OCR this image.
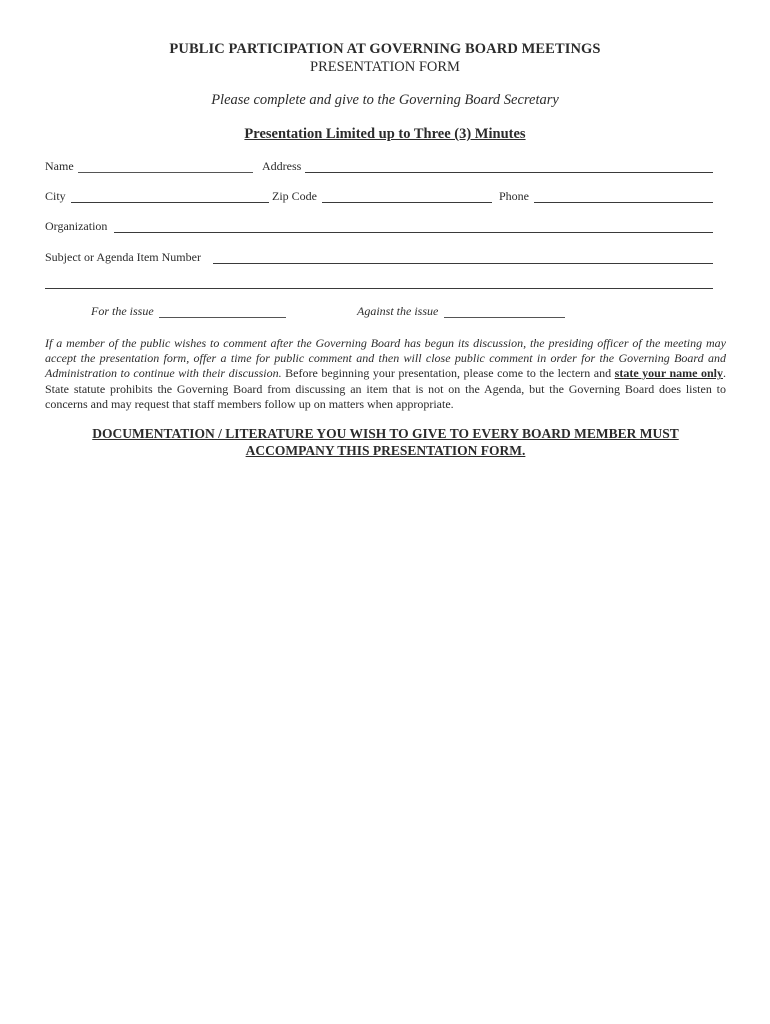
PUBLIC PARTICIPATION AT GOVERNING BOARD MEETINGS
PRESENTATION FORM
Please complete and give to the Governing Board Secretary
Presentation Limited up to Three (3) Minutes
Name	Address
City	Zip Code	Phone
Organization
Subject or Agenda Item Number
For the issue	Against the issue
If a member of the public wishes to comment after the Governing Board has begun its discussion, the presiding officer of the meeting may accept the presentation form, offer a time for public comment and then will close public comment in order for the Governing Board and Administration to continue with their discussion. Before beginning your presentation, please come to the lectern and state your name only. State statute prohibits the Governing Board from discussing an item that is not on the Agenda, but the Governing Board does listen to concerns and may request that staff members follow up on matters when appropriate.
DOCUMENTATION / LITERATURE YOU WISH TO GIVE TO EVERY BOARD MEMBER MUST
ACCOMPANY THIS PRESENTATION FORM.
